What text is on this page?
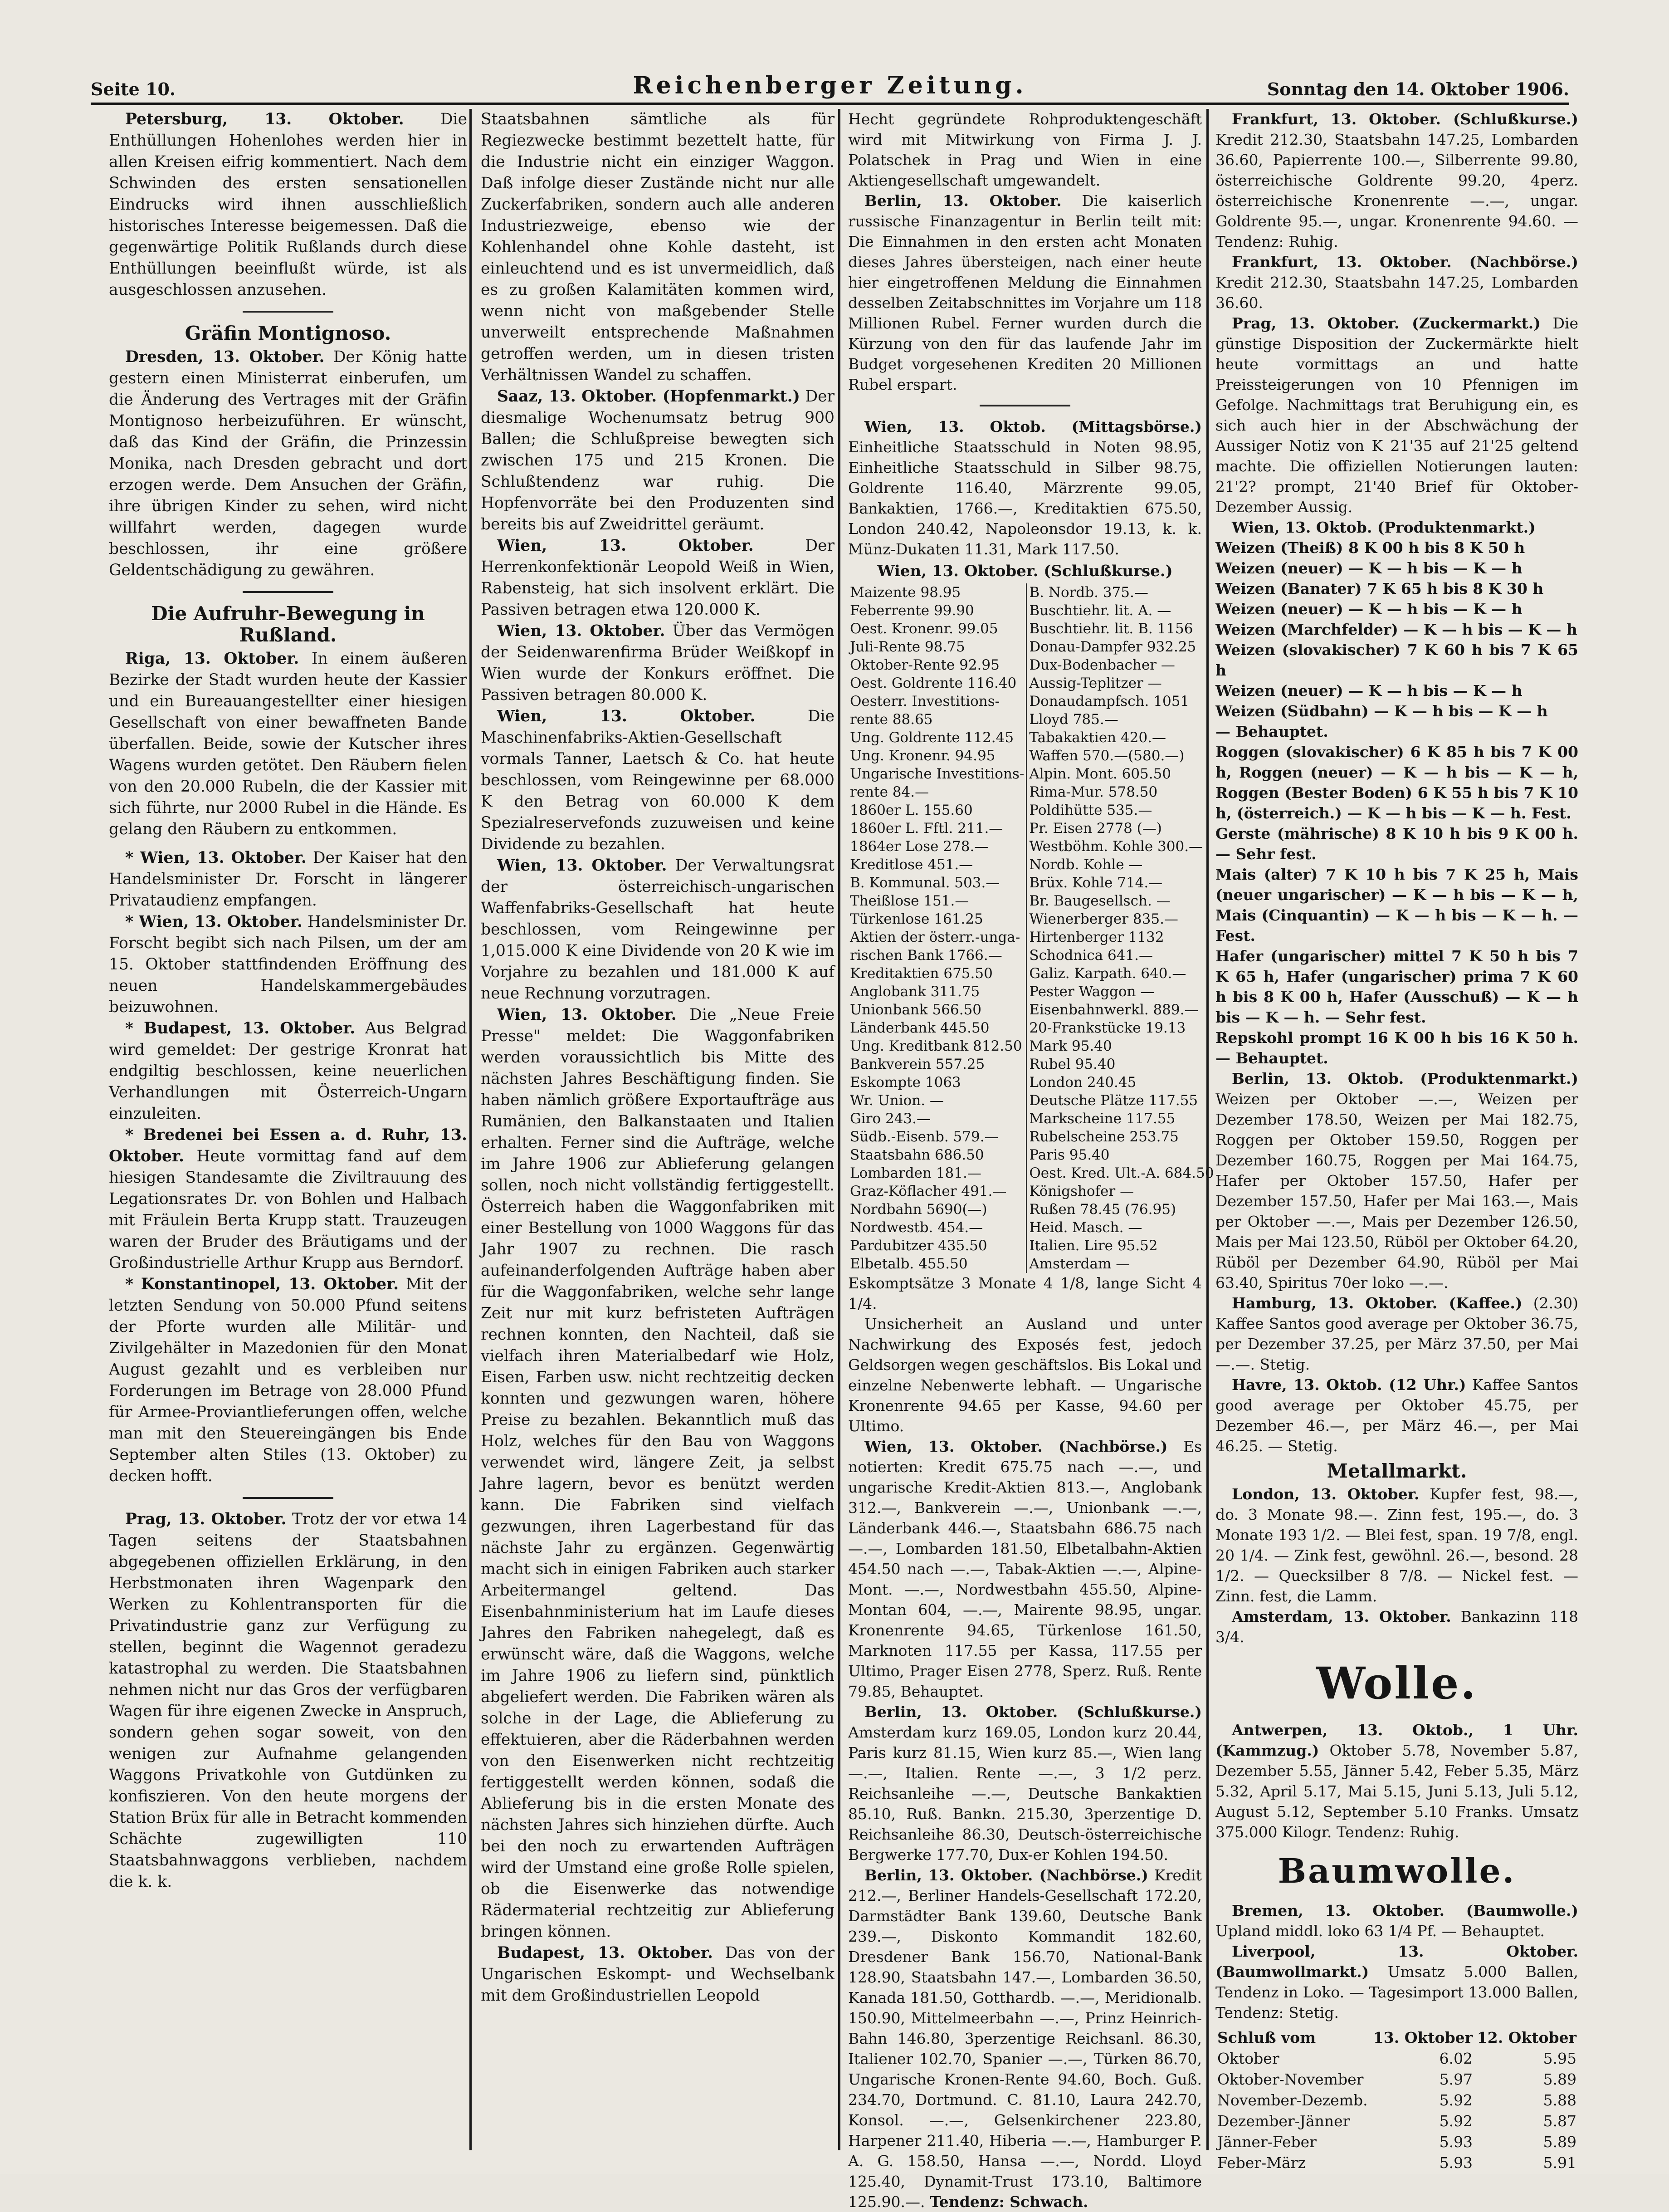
Seite 10.	Reichenberger Zeitung.	Sonntag den 14. Oktober 1906.

Petersburg, 13. Oktober. Die Enthüllungen Hohenlohes werden hier in allen Kreisen eifrig kommentiert. Nach dem Schwinden des ersten sensationellen Eindrucks wird ihnen ausschließlich historisches Interesse beigemessen. Daß die gegenwärtige Politik Rußlands durch diese Enthüllungen beeinflußt würde, ist als ausgeschlossen anzusehen.

Gräfin Montignoso.

Dresden, 13. Oktober. Der König hatte gestern einen Ministerrat einberufen, um die Änderung des Vertrages mit der Gräfin Montignoso herbeizuführen. Er wünscht, daß das Kind der Gräfin, die Prinzessin Monika, nach Dresden gebracht und dort erzogen werde. Dem Ansuchen der Gräfin, ihre übrigen Kinder zu sehen, wird nicht willfahrt werden, dagegen wurde beschlossen, ihr eine größere Geldentschädigung zu gewähren.

Die Aufruhr-Bewegung in Rußland.

Riga, 13. Oktober. In einem äußeren Bezirke der Stadt wurden heute der Kassier und ein Bureauangestellter einer hiesigen Gesellschaft von einer bewaffneten Bande überfallen. Beide, sowie der Kutscher ihres Wagens wurden getötet. Den Räubern fielen von den 20.000 Rubeln, die der Kassier mit sich führte, nur 2000 Rubel in die Hände. Es gelang den Räubern zu entkommen.

* Wien, 13. Oktober. Der Kaiser hat den Handelsminister Dr. Forscht in längerer Privataudienz empfangen.

* Wien, 13. Oktober. Handelsminister Dr. Forscht begibt sich nach Pilsen, um der am 15. Oktober stattfindenden Eröffnung des neuen Handelskammergebäudes beizuwohnen.

* Budapest, 13. Oktober. Aus Belgrad wird gemeldet: Der gestrige Kronrat hat endgiltig beschlossen, keine neuerlichen Verhandlungen mit Österreich-Ungarn einzuleiten.

* Bredenei bei Essen a. d. Ruhr, 13. Oktober. Heute vormittag fand auf dem hiesigen Standesamte die Ziviltrauung des Legationsrates Dr. von Bohlen und Halbach mit Fräulein Berta Krupp statt. Trauzeugen waren der Bruder des Bräutigams und der Großindustrielle Arthur Krupp aus Berndorf.

* Konstantinopel, 13. Oktober. Mit der letzten Sendung von 50.000 Pfund seitens der Pforte wurden alle Militär- und Zivilgehälter in Mazedonien für den Monat August gezahlt und es verbleiben nur Forderungen im Betrage von 28.000 Pfund für Armee-Proviantlieferungen offen, welche man mit den Steuereingängen bis Ende September alten Stiles (13. Oktober) zu decken hofft.

Prag, 13. Oktober. Trotz der vor etwa 14 Tagen seitens der Staatsbahnen abgegebenen offiziellen Erklärung, in den Herbstmonaten ihren Wagenpark den Werken zu Kohlentransporten für die Privatindustrie ganz zur Verfügung zu stellen, beginnt die Wagennot geradezu katastrophal zu werden. Die Staatsbahnen nehmen nicht nur das Gros der verfügbaren Wagen für ihre eigenen Zwecke in Anspruch, sondern gehen sogar soweit, von den wenigen zur Aufnahme gelangenden Waggons Privatkohle von Gutdünken zu konfiszieren. Von den heute morgens der Station Brüx für alle in Betracht kommenden Schächte zugewilligten 110 Staatsbahnwaggons verblieben, nachdem die k. k.

Staatsbahnen sämtliche als für Regiezwecke bestimmt bezettelt hatte, für die Industrie nicht ein einziger Waggon. Daß infolge dieser Zustände nicht nur alle Zuckerfabriken, sondern auch alle anderen Industriezweige, ebenso wie der Kohlenhandel ohne Kohle dasteht, ist einleuchtend und es ist unvermeidlich, daß es zu großen Kalamitäten kommen wird, wenn nicht von maßgebender Stelle unverweilt entsprechende Maßnahmen getroffen werden, um in diesen tristen Verhältnissen Wandel zu schaffen.

Saaz, 13. Oktober. (Hopfenmarkt.) Der diesmalige Wochenumsatz betrug 900 Ballen; die Schlußpreise bewegten sich zwischen 175 und 215 Kronen. Die Schlußtendenz war ruhig. Die Hopfenvorräte bei den Produzenten sind bereits bis auf Zweidrittel geräumt.

Wien, 13. Oktober.	Der Herrenkonfektionär Leopold Weiß in Wien, Rabensteig, hat sich insolvent erklärt. Die Passiven betragen etwa 120.000 K.

Wien, 13. Oktober. Über das Vermögen der Seidenwarenfirma Brüder Weißkopf in Wien wurde der Konkurs eröffnet. Die Passiven betragen 80.000 K.

Wien, 13. Oktober.	Die Maschinenfabriks-Aktien-Gesellschaft vormals Tanner, Laetsch & Co. hat heute beschlossen, vom Reingewinne per 68.000 K den Betrag von 60.000 K dem Spezialreservefonds zuzuweisen und keine Dividende zu bezahlen.

Wien, 13. Oktober. Der Verwaltungsrat der österreichisch-ungarischen Waffenfabriks-Gesellschaft hat heute beschlossen, vom Reingewinne per 1,015.000 K eine Dividende von 20 K wie im Vorjahre zu bezahlen und 181.000 K auf neue Rechnung vorzutragen.

Wien, 13. Oktober. Die „Neue Freie Presse" meldet: Die Waggonfabriken werden voraussichtlich bis Mitte des nächsten Jahres Beschäftigung finden. Sie haben nämlich größere Exportaufträge aus Rumänien, den Balkanstaaten und Italien erhalten. Ferner sind die Aufträge, welche im Jahre 1906 zur Ablieferung gelangen sollen, noch nicht vollständig fertiggestellt. Österreich haben die Waggonfabriken mit einer Bestellung von 1000 Waggons für das Jahr 1907 zu rechnen. Die rasch aufeinanderfolgenden Aufträge haben aber für die Waggonfabriken, welche sehr lange Zeit nur mit kurz befristeten Aufträgen rechnen konnten, den Nachteil, daß sie vielfach ihren Materialbedarf wie Holz, Eisen, Farben usw. nicht rechtzeitig decken konnten und gezwungen waren, höhere Preise zu bezahlen. Bekanntlich muß das Holz, welches für den Bau von Waggons verwendet wird, längere Zeit, ja selbst Jahre lagern, bevor es benützt werden kann. Die Fabriken sind vielfach gezwungen, ihren Lagerbestand für das nächste Jahr zu ergänzen. Gegenwärtig macht sich in einigen Fabriken auch starker Arbeitermangel geltend. Das Eisenbahnministerium hat im Laufe dieses Jahres den Fabriken nahegelegt, daß es erwünscht wäre, daß die Waggons, welche im Jahre 1906 zu liefern sind, pünktlich abgeliefert werden. Die Fabriken wären als solche in der Lage, die Ablieferung zu effektuieren, aber die Räderbahnen werden von den Eisenwerken nicht rechtzeitig fertiggestellt werden können, sodaß die Ablieferung bis in die ersten Monate des nächsten Jahres sich hinziehen dürfte. Auch bei den noch zu erwartenden Aufträgen wird der Umstand eine große Rolle spielen, ob die Eisenwerke das notwendige Rädermaterial rechtzeitig zur Ablieferung bringen können.

Budapest, 13. Oktober. Das von der Ungarischen Eskompt- und Wechselbank mit dem Großindustriellen Leopold

Hecht gegründete Rohproduktengeschäft wird mit Mitwirkung von Firma J. J. Polatschek in Prag und Wien in eine Aktiengesellschaft umgewandelt.

Berlin, 13. Oktober. Die kaiserlich russische Finanzagentur in Berlin teilt mit: Die Einnahmen in den ersten acht Monaten dieses Jahres übersteigen, nach einer heute hier eingetroffenen Meldung die Einnahmen desselben Zeitabschnittes im Vorjahre um 118 Millionen Rubel. Ferner wurden durch die Kürzung von den für das laufende Jahr im Budget vorgesehenen Krediten 20 Millionen Rubel erspart.

Wien, 13. Oktob. (Mittagsbörse.) Einheitliche Staatsschuld in Noten 98.95, Einheitliche Staatsschuld in Silber 98.75, Goldrente 116.40, Märzrente 99.05, Bankaktien, 1766.—, Kreditaktien 675.50, London 240.42, Napoleonsdor 19.13, k. k. Münz-Dukaten 11.31, Mark 117.50.

Wien, 13. Oktober. (Schlußkurse.)
Maizente 98.95	B. Nordb. 375.—
Feberrente 99.90	Buschtiehr. lit. A. —
Oest. Kronenr. 99.05	Buschtiehr. lit. B. 1156
Juli-Rente 98.75	Donau-Dampfer 932.25
Oktober-Rente 92.95	Dux-Bodenbacher —
Oest. Goldrente 116.40	Aussig-Teplitzer —
Oesterr. Investitions-	Donaudampfsch. 1051
rente 88.65	Lloyd 785.—
Ung. Goldrente 112.45	Tabakaktien 420.—
Ung. Kronenr. 94.95	Waffen 570.—(580.—)
Ungarische Investitions-	Alpin. Mont. 605.50
rente 84.—	Rima-Mur. 578.50
1860er L. 155.60	Poldihütte 535.—
1860er L. Fftl. 211.—	Pr. Eisen 2778 (—)
1864er Lose 278.—	Westböhm. Kohle 300.—
Kreditlose 451.—	Nordb. Kohle —
B. Kommunal. 503.—	Brüx. Kohle 714.—
Theißlose 151.—	Br. Baugesellsch. —
Türkenlose 161.25	Wienerberger 835.—
Aktien der österr.-unga-	Hirtenberger 1132
rischen Bank 1766.—	Schodnica 641.—
Kreditaktien 675.50	Galiz. Karpath. 640.—
Anglobank 311.75	Pester Waggon —
Unionbank 566.50	Eisenbahnwerkl. 889.—
Länderbank 445.50	20-Frankstücke 19.13
Ung. Kreditbank 812.50	Mark 95.40
Bankverein 557.25	Rubel 95.40
Eskompte 1063	London 240.45
Wr. Union. —	Deutsche Plätze 117.55
Giro 243.—	Markscheine 117.55
Südb.-Eisenb. 579.—	Rubelscheine 253.75
Staatsbahn 686.50	Paris 95.40
Lombarden 181.—	Oest. Kred. Ult.-A. 684.50
Graz-Köflacher 491.—	Königshofer —
Nordbahn 5690(—)	Rußen 78.45 (76.95)
Nordwestb. 454.—	Heid. Masch. —
Pardubitzer 435.50	Italien. Lire 95.52
Elbetalb. 455.50	Amsterdam —

Eskomptsätze 3 Monate 4 1/8, lange Sicht 4 1/4.

Unsicherheit an Ausland und unter Nachwirkung des Exposés fest, jedoch Geldsorgen wegen geschäftslos. Bis Lokal und einzelne Nebenwerte lebhaft. — Ungarische Kronenrente 94.65 per Kasse, 94.60 per Ultimo.

Wien, 13. Oktober. (Nachbörse.) Es notierten: Kredit 675.75 nach —.—, und ungarische Kredit-Aktien 813.—, Anglobank 312.—, Bankverein —.—, Unionbank —.—, Länderbank 446.—, Staatsbahn 686.75 nach —.—, Lombarden 181.50, Elbetalbahn-Aktien 454.50 nach —.—, Tabak-Aktien —.—, Alpine-Mont. —.—, Nordwestbahn 455.50, Alpine-Montan 604, —.—, Mairente 98.95, ungar. Kronenrente 94.65, Türkenlose 161.50, Marknoten 117.55 per Kassa, 117.55 per Ultimo, Prager Eisen 2778, Sperz. Ruß. Rente 79.85, Behauptet.

Berlin, 13. Oktober. (Schlußkurse.) Amsterdam kurz 169.05, London kurz 20.44, Paris kurz 81.15, Wien kurz 85.—, Wien lang —.—, Italien. Rente —.—, 3 1/2 perz. Reichsanleihe —.—, Deutsche Bankaktien 85.10, Ruß. Bankn. 215.30, 3perzentige D. Reichsanleihe 86.30, Deutsch-österreichische Bergwerke 177.70, Dux-er Kohlen 194.50.

Berlin, 13. Oktober. (Nachbörse.) Kredit 212.—, Berliner Handels-Gesellschaft 172.20, Darmstädter Bank 139.60, Deutsche Bank 239.—, Diskonto Kommandit 182.60, Dresdener Bank 156.70, National-Bank 128.90, Staatsbahn 147.—, Lombarden 36.50, Kanada 181.50, Gotthardb. —.—, Meridionalb. 150.90, Mittelmeerbahn —.—, Prinz Heinrich-Bahn 146.80, 3perzentige Reichsanl. 86.30, Italiener 102.70, Spanier —.—, Türken 86.70, Ungarische Kronen-Rente 94.60, Boch. Guß. 234.70, Dortmund. C. 81.10, Laura 242.70, Konsol. —.—, Gelsenkirchener 223.80, Harpener 211.40, Hiberia —.—, Hamburger P. A. G. 158.50, Hansa —.—, Nordd. Lloyd 125.40, Dynamit-Trust 173.10, Baltimore 125.90.—. Tendenz: Schwach.

Frankfurt, 13. Oktober. (Schlußkurse.) Kredit 212.30, Staatsbahn 147.25, Lombarden 36.60, Papierrente 100.—, Silberrente 99.80, österreichische Goldrente 99.20, 4perz. österreichische Kronenrente —.—, ungar. Goldrente 95.—, ungar. Kronenrente 94.60. — Tendenz: Ruhig.

Frankfurt, 13. Oktober. (Nachbörse.) Kredit 212.30, Staatsbahn 147.25, Lombarden 36.60.

Prag, 13. Oktober. (Zuckermarkt.) Die günstige Disposition der Zuckermärkte hielt heute vormittags an und hatte Preissteigerungen von 10 Pfennigen im Gefolge. Nachmittags trat Beruhigung ein, es sich auch hier in der Abschwächung der Aussiger Notiz von K 21'35 auf 21'25 geltend machte. Die offiziellen Notierungen lauten: 21'2? prompt, 21'40 Brief für Oktober-Dezember Aussig.

Wien, 13. Oktob. (Produktenmarkt.)

Weizen (Theiß) 8 K 00 h bis 8 K 50 h

Weizen (neuer) — K — h bis — K — h

Weizen (Banater) 7 K 65 h bis 8 K 30 h

Weizen (neuer) — K — h bis — K — h

Weizen (Marchfelder) — K — h bis — K — h

Weizen (slovakischer) 7 K 60 h bis 7 K 65 h

Weizen (neuer) — K — h bis — K — h

Weizen (Südbahn) — K — h bis — K — h

— Behauptet.

Roggen (slovakischer) 6 K 85 h bis 7 K 00 h, Roggen (neuer) — K — h bis — K — h, Roggen (Bester Boden) 6 K 55 h bis 7 K 10 h, (österreich.) — K — h bis — K — h. Fest.

Gerste (mährische) 8 K 10 h bis 9 K 00 h. — Sehr fest.

Mais (alter) 7 K 10 h bis 7 K 25 h, Mais (neuer ungarischer) — K — h bis — K — h, Mais (Cinquantin) — K — h bis — K — h. — Fest.

Hafer (ungarischer) mittel 7 K 50 h bis 7 K 65 h, Hafer (ungarischer) prima 7 K 60 h bis 8 K 00 h, Hafer (Ausschuß) — K — h bis — K — h. — Sehr fest.

Repskohl prompt 16 K 00 h bis 16 K 50 h. — Behauptet.

Berlin, 13. Oktob. (Produktenmarkt.) Weizen per Oktober —.—, Weizen per Dezember 178.50, Weizen per Mai 182.75, Roggen per Oktober 159.50, Roggen per Dezember 160.75, Roggen per Mai 164.75, Hafer per Oktober 157.50, Hafer per Dezember 157.50, Hafer per Mai 163.—, Mais per Oktober —.—, Mais per Dezember 126.50, Mais per Mai 123.50, Rüböl per Oktober 64.20, Rüböl per Dezember 64.90, Rüböl per Mai 63.40, Spiritus 70er loko —.—.

Hamburg, 13. Oktober. (Kaffee.) (2.30) Kaffee Santos good average per Oktober 36.75, per Dezember 37.25, per März 37.50, per Mai —.—. Stetig.

Havre, 13. Oktob. (12 Uhr.) Kaffee Santos good average per Oktober 45.75, per Dezember 46.—, per März 46.—, per Mai 46.25. — Stetig.

Metallmarkt.

London, 13. Oktober. Kupfer fest, 98.—, do. 3 Monate 98.—. Zinn fest, 195.—, do. 3 Monate 193 1/2. — Blei fest, span. 19 7/8, engl. 20 1/4. — Zink fest, gewöhnl. 26.—, besond. 28 1/2. — Quecksilber 8 7/8. — Nickel fest. — Zinn. fest, die Lamm.

Amsterdam, 13. Oktober. Bankazinn 118 3/4.

Wolle.

Antwerpen, 13. Oktob., 1 Uhr. (Kammzug.) Oktober 5.78, November 5.87, Dezember 5.55, Jänner 5.42, Feber 5.35, März 5.32, April 5.17, Mai 5.15, Juni 5.13, Juli 5.12, August 5.12, September 5.10 Franks. Umsatz 375.000 Kilogr. Tendenz: Ruhig.

Baumwolle.

Bremen, 13. Oktober. (Baumwolle.) Upland middl. loko 63 1/4 Pf. — Behauptet.

Liverpool, 13. Oktober. (Baumwollmarkt.) Umsatz 5.000 Ballen, Tendenz in Loko. — Tagesimport 13.000 Ballen, Tendenz: Stetig.

Schluß vom	13. Oktober	12. Oktober
Oktober	6.02	5.95
Oktober-November	5.97	5.89
November-Dezemb.	5.92	5.88
Dezember-Jänner	5.92	5.87
Jänner-Feber	5.93	5.89
Feber-März	5.93	5.91
